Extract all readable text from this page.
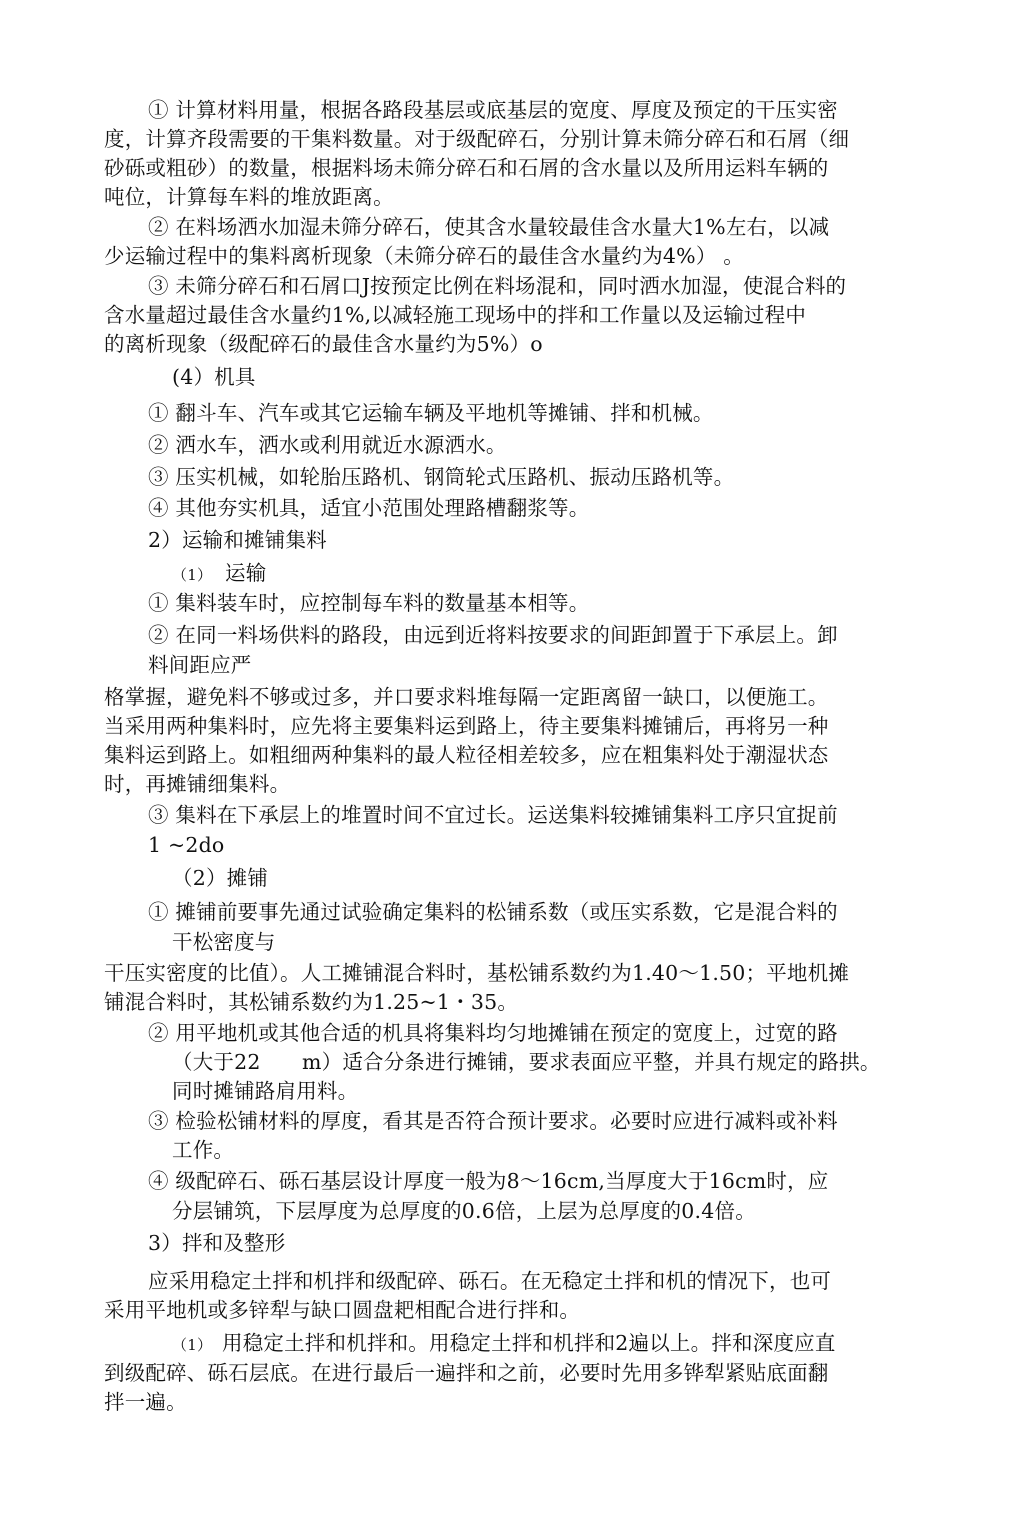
① 计算材料用量，根据各路段基层或底基层的宽度、厚度及预定的干压实密

度，计算齐段需要的干集料数量。对于级配碎石，分别计算未筛分碎石和石屑（细

砂砾或粗砂）的数量，根据料场未筛分碎石和石屑的含水量以及所用运料车辆的

吨位，计算每车料的堆放距离。

② 在料场洒水加湿未筛分碎石，使其含水量较最佳含水量大1%左右，以减

少运输过程中的集料离析现象（未筛分碎石的最佳含水量约为4%） 。

③ 未筛分碎石和石屑口J按预定比例在料场混和，同吋洒水加湿，使混合料的

含水量超过最佳含水量约1%,以减轻施工现场中的拌和工作量以及运输过程中

的离析现象（级配碎石的最佳含水量约为5%）o

(4）机具

① 翻斗车、汽车或其它运输车辆及平地机等摊铺、拌和机械。

② 洒水车，洒水或利用就近水源洒水。

③ 压实机械，如轮胎压路机、钢筒轮式压路机、振动压路机等。

④ 其他夯实机具，适宜小范围处理路槽翻浆等。

2）运输和摊铺集料

（1） 运输

① 集料装车时，应控制每车料的数量基本相等。

② 在同一料场供料的路段，由远到近将料按要求的间距卸置于下承层上。卸

料间距应严

格掌握，避免料不够或过多，并口要求料堆每隔一定距离留一缺口，以便施工。

当采用两种集料时，应先将主要集料运到路上，待主要集料摊铺后，再将另一种

集料运到路上。如粗细两种集料的最人粒径相差较多，应在粗集料处于潮湿状态

时，再摊铺细集料。

③ 集料在下承层上的堆置时间不宜过长。运送集料较摊铺集料工序只宜捉前

1 ~2do

（2）摊铺

① 摊铺前要事先通过试验确定集料的松铺系数（或压实系数，它是混合料的

干松密度与

干压实密度的比值）。人工摊铺混合料时，基松铺系数约为1.40～1.50；平地机摊

铺混合料时，其松铺系数约为1.25~1・35。

② 用平地机或其他合适的机具将集料均匀地摊铺在预定的宽度上，过宽的路

（大于22　　m）适合分条进行摊铺，要求表面应平整，并具冇规定的路拱。

同时摊铺路肩用料。

③ 检验松铺材料的厚度，看其是否符合预计要求。必要时应进行减料或补料

工作。

④ 级配碎石、砾石基层设计厚度一般为8～16cm,当厚度大于16cm时，应

分层铺筑，下层厚度为总厚度的0.6倍，上层为总厚度的0.4倍。

3）拌和及整形

应采用稳定土拌和机拌和级配碎、砾石。在无稳定土拌和机的情况下，也可

采用平地机或多锌犁与缺口圆盘耙相配合进行拌和。

（1） 用稳定土拌和机拌和。用稳定土拌和机拌和2遍以上。拌和深度应直

到级配碎、砾石层底。在进行最后一遍拌和之前，必要时先用多铧犁紧贴底面翻

拌一遍。
